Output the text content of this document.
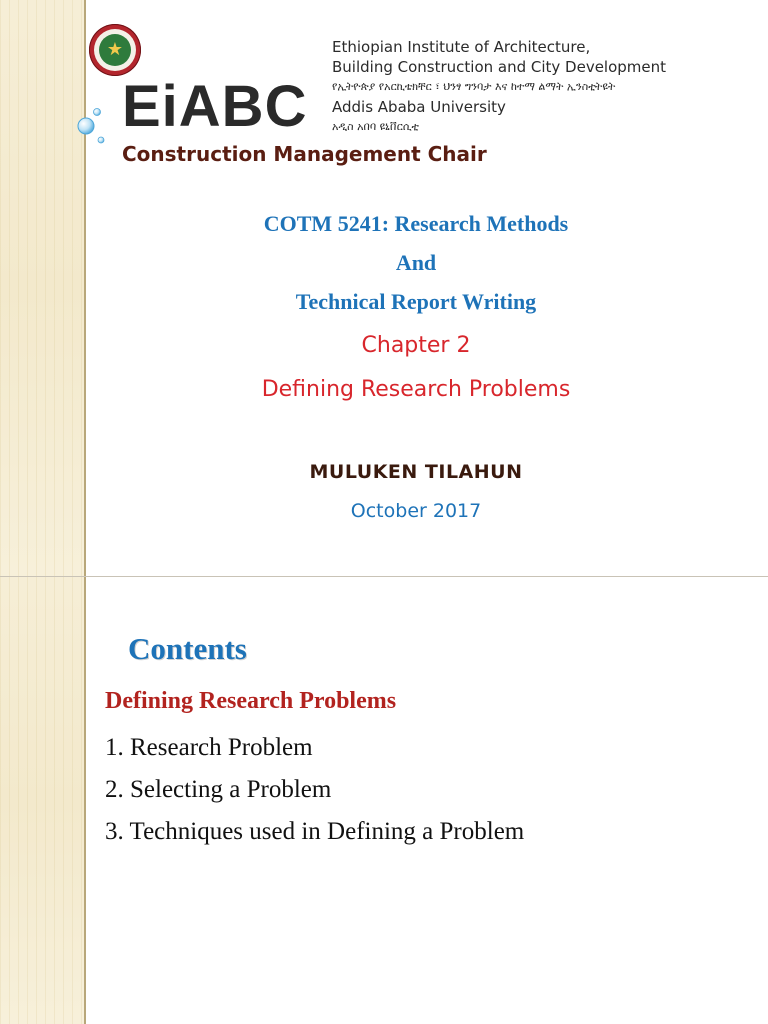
★
EiABC
Ethiopian Institute of Architecture,
Building Construction and City Development
የኢትዮጵያ የአርኪቴክቸር ፣ ህንፃ ግንባታ እና ከተማ ልማት ኢንስቲትዩት
Addis Ababa University
አዲስ አበባ ዩኒቨርሲቲ
Construction Management Chair
COTM 5241: Research Methods
And
Technical Report Writing
Chapter 2
Defining Research Problems
MULUKEN TILAHUN
October 2017
Contents
Defining Research Problems
1. Research Problem
2. Selecting a Problem
3. Techniques used in Defining a Problem
